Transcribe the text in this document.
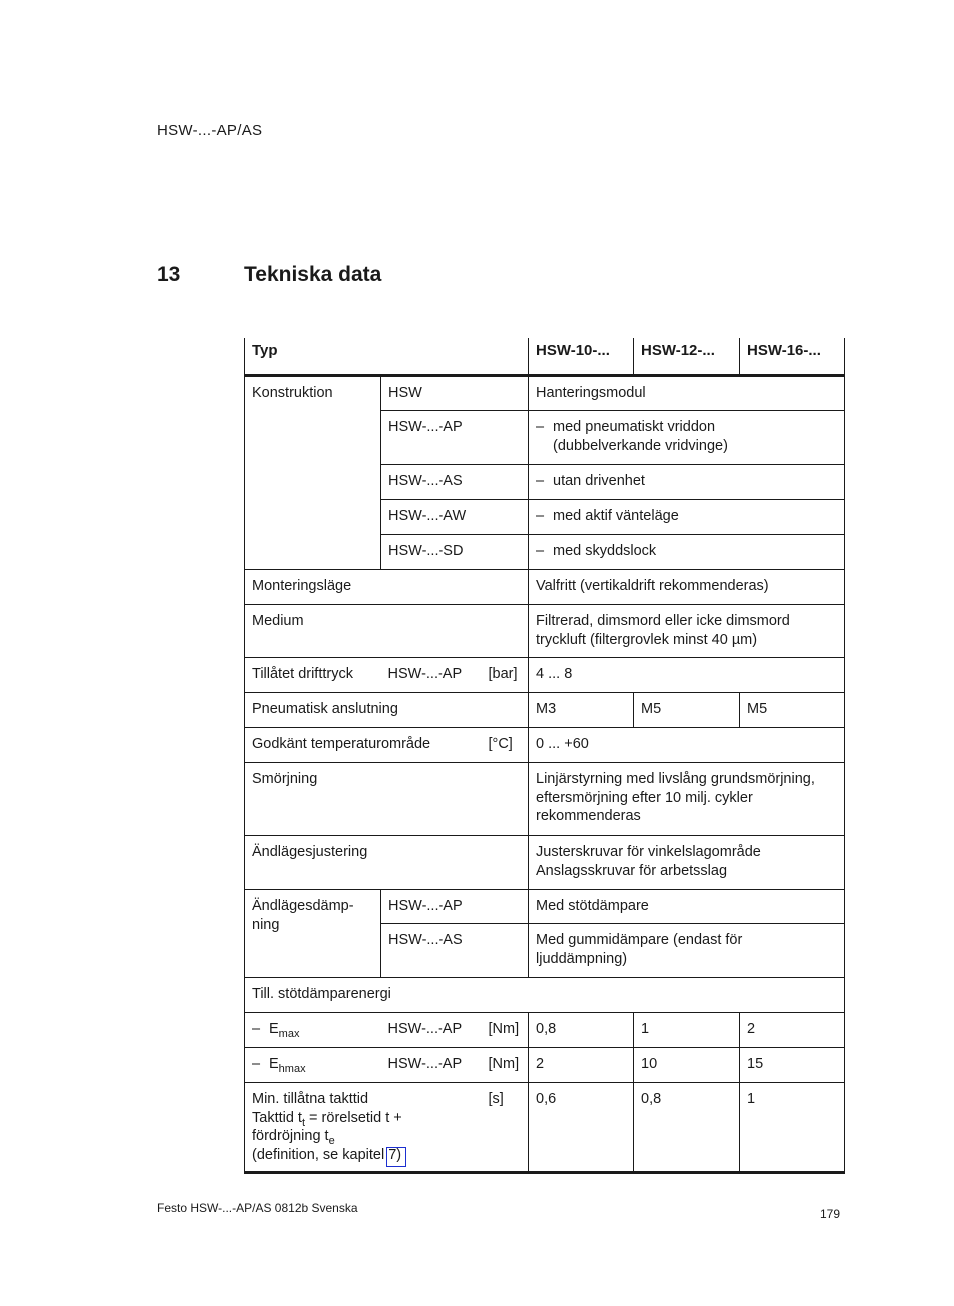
HSW-...-AP/AS
13	Tekniska data
Typ			HSW-10-...	HSW-12-...	HSW-16-...
Konstruktion	HSW		Hanteringsmodul		
	HSW-...-AP		– med pneumatiskt vriddon
(dubbelverkande vridvinge)		

	HSW-...-AS		– utan drivenhet		
	HSW-...-AW		– med aktif vänteläge		
	HSW-...-SD		– med skyddslock		
Monteringsläge			Valfritt (vertikaldrift rekommenderas)		
Medium			Filtrerad, dimsmord eller icke dimsmord
tryckluft (filtergrovlek minst 40 µm)		
Tillåtet drifttryck	HSW-...-AP	[bar]	4 ... 8		
Pneumatisk anslutning			M3	M5	M5
Godkänt temperaturområde		[°C]	0 ... +60		
Smörjning			Linjärstyrning med livslång grundsmörjning,
eftersmörjning efter 10 milj. cykler
rekommenderas		
Ändlägesjustering			Justerskruvar för vinkelslagområde
Anslagsskruvar för arbetsslag		
Ändlägesdämp-
ning	HSW-...-AP		Med stötdämpare		
	HSW-...-AS		Med gummidämpare (endast för
ljuddämpning)		
Till. stötdämparenergi					
– $E_{max}$	HSW-...-AP	[Nm]	0,8	1	2
– $E_{hmax}$	HSW-...-AP	[Nm]	2	10	15
Min. tillåtna takttid
Takttid $t_t$ = rörelsetid t +
fördröjning $t_e$
(definition, se kapitel 7)		[s]	0,6	0,8	1
Festo HSW-...-AP/AS 0812b Svenska	179
